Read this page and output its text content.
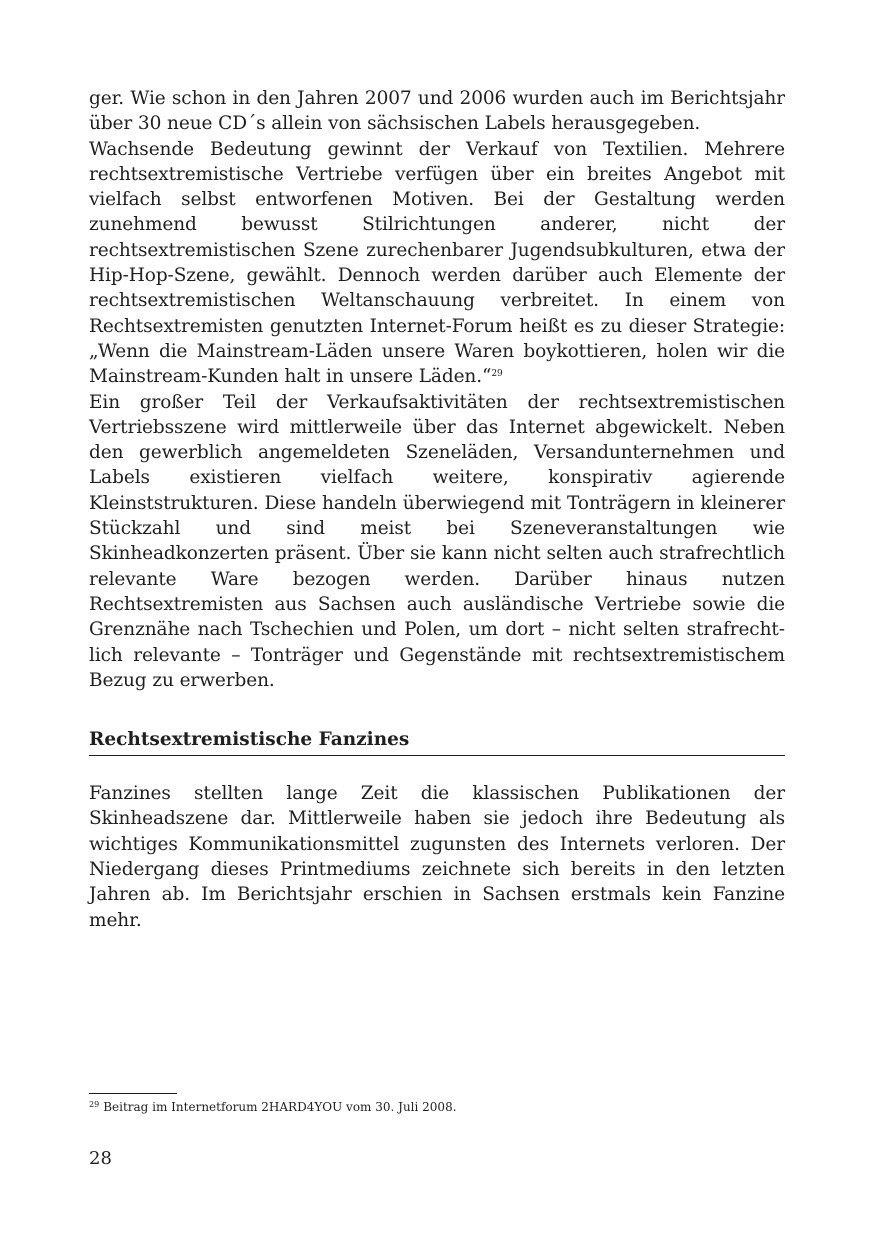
ger. Wie schon in den Jahren 2007 und 2006 wurden auch im Berichtsjahr über 30 neue CD´s allein von sächsischen Labels herausgegeben.

Wachsende Bedeutung gewinnt der Verkauf von Textilien. Mehrere rechtsextremistische Vertriebe verfügen über ein breites Angebot mit vielfach selbst entworfenen Motiven. Bei der Gestaltung werden zunehmend bewusst Stilrichtungen anderer, nicht der rechtsextremistischen Szene zurechenbarer Jugendsubkulturen, etwa der Hip-Hop-Szene, gewählt. Dennoch werden darüber auch Elemente der rechtsextremistischen Weltanschauung verbreitet. In einem von Rechtsextremisten genutzten Internet-Forum heißt es zu dieser Strategie: „Wenn die Mainstream-Läden unsere Waren boykottieren, holen wir die Mainstream-Kunden halt in unsere Läden.“$^{29}$

Ein großer Teil der Verkaufsaktivitäten der rechtsextremistischen Vertriebsszene wird mittlerweile über das Internet abgewickelt. Neben den gewerblich angemeldeten Szeneläden, Versandunternehmen und Labels existieren vielfach weitere, konspirativ agierende Kleinststrukturen. Diese handeln überwiegend mit Tonträgern in kleinerer Stückzahl und sind meist bei Szeneveranstaltungen wie Skinheadkonzerten präsent. Über sie kann nicht selten auch strafrechtlich relevante Ware bezogen werden. Darüber hinaus nutzen Rechtsextremisten aus Sachsen auch ausländische Vertriebe sowie die Grenznähe nach Tschechien und Polen, um dort – nicht selten strafrechtlich relevante – Tonträger und Gegenstände mit rechtsextremistischem Bezug zu erwerben.

Rechtsextremistische Fanzines

Fanzines stellten lange Zeit die klassischen Publikationen der Skinheadszene dar. Mittlerweile haben sie jedoch ihre Bedeutung als wichtiges Kommunikationsmittel zugunsten des Internets verloren. Der Niedergang dieses Printmediums zeichnete sich bereits in den letzten Jahren ab. Im Berichtsjahr erschien in Sachsen erstmals kein Fanzine mehr.

$^{29}$ Beitrag im Internetforum 2HARD4YOU vom 30. Juli 2008.

28
